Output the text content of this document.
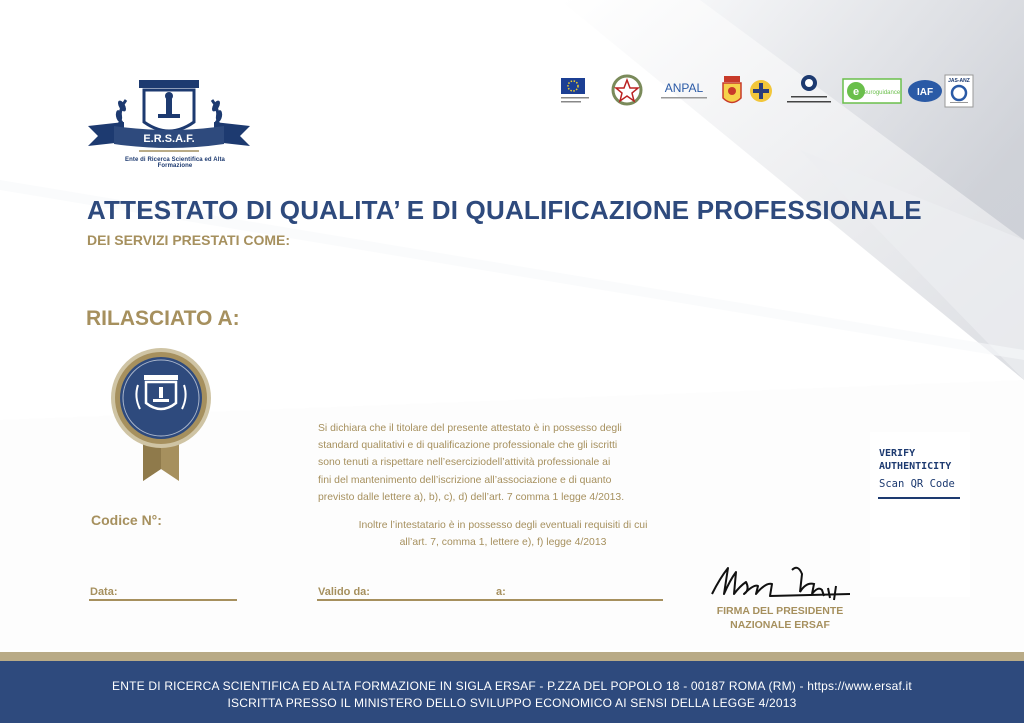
E.R.S.A.F.
Ente di Ricerca Scientifica ed Alta Formazione
ANPAL	e euroguidance IAF
JAS-ANZ
ATTESTATO DI QUALITA’ E DI QUALIFICAZIONE PROFESSIONALE
DEI SERVIZI PRESTATI COME:
RILASCIATO A:
Codice N°:
Si dichiara che il titolare del presente attestato è in possesso degli
standard qualitativi e di qualificazione professionale che gli iscritti
sono tenuti a rispettare nell’eserciziodell’attività professionale ai
fini del mantenimento dell’iscrizione all’associazione e di quanto
previsto dalle lettere a), b), c), d) dell’art. 7 comma 1 legge 4/2013.
Inoltre l’intestatario è in possesso degli eventuali requisiti di cui
all’art. 7, comma 1, lettere e), f) legge 4/2013
VERIFY
AUTHENTICITY
Scan QR Code
Data:	Valido da:	a:
FIRMA DEL PRESIDENTE
NAZIONALE ERSAF
ENTE DI RICERCA SCIENTIFICA ED ALTA FORMAZIONE IN SIGLA ERSAF - P.ZZA DEL POPOLO 18 - 00187 ROMA (RM) - https://www.ersaf.it
ISCRITTA PRESSO IL MINISTERO DELLO SVILUPPO ECONOMICO AI SENSI DELLA LEGGE 4/2013
